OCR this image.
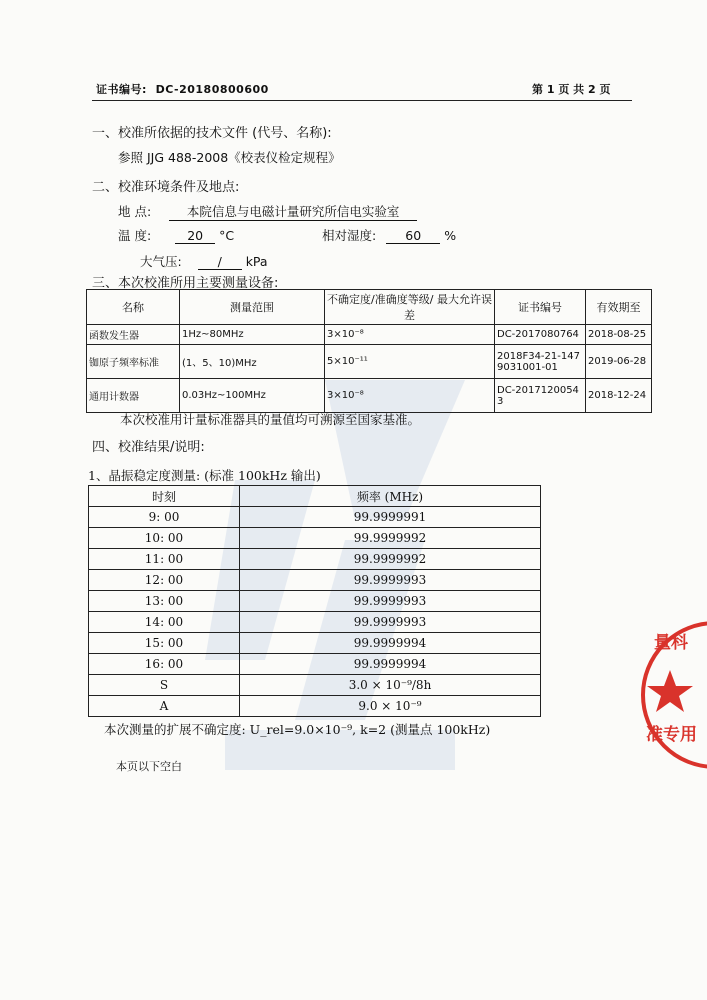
证书编号: DC-20180800600	第 1 页 共 2 页
一、校准所依据的技术文件 (代号、名称):
参照 JJG 488-2008《校表仪检定规程》
二、校准环境条件及地点:
地 点:	本院信息与电磁计量研究所信电实验室
温 度:	20 °C	相对湿度: 60 %
大气压:	/ kPa
三、本次校准所用主要测量设备:
名称	测量范围	不确定度/准确度等级/ 最大允许误差	证书编号	有效期至
函数发生器	1Hz~80MHz	3×10⁻⁸	DC-2017080764	2018-08-25
铷原子频率标准	(1、5、10)MHz	5×10⁻¹¹	2018F34-21-1479031001-01	2019-06-28
通用计数器	0.03Hz~100MHz	3×10⁻⁸	DC-20171200543	2018-12-24
本次校准用计量标准器具的量值均可溯源至国家基准。
四、校准结果/说明:
1、晶振稳定度测量: (标准 100kHz 输出)
时刻	频率 (MHz)
9: 00	99.9999991
10: 00	99.9999992
11: 00	99.9999992
12: 00	99.9999993
13: 00	99.9999993
14: 00	99.9999993
15: 00	99.9999994
16: 00	99.9999994
S	3.0 × 10⁻⁹/8h
A	9.0 × 10⁻⁹
本次测量的扩展不确定度: U_rel=9.0×10⁻⁹, k=2 (测量点 100kHz)
本页以下空白
量科
准专用
